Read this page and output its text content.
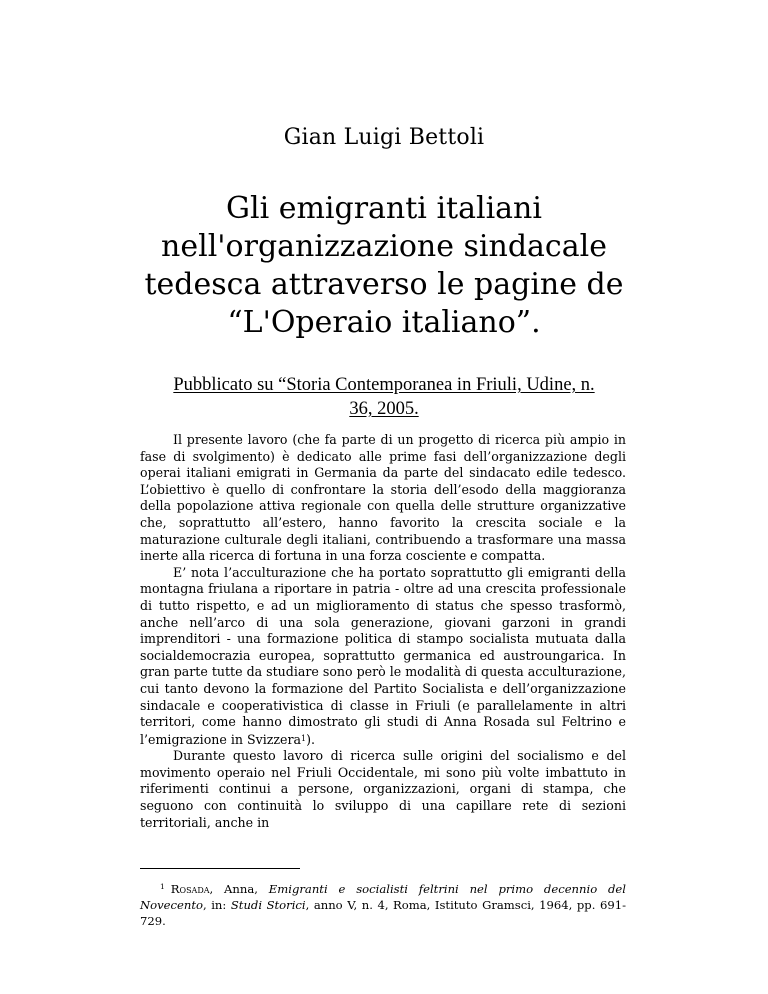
Gian Luigi Bettoli
Gli emigranti italiani
nell'organizzazione sindacale
tedesca attraverso le pagine de
“L'Operaio italiano”.
Pubblicato su “Storia Contemporanea in Friuli, Udine, n.
36, 2005.

Il presente lavoro (che fa parte di un progetto di ricerca più ampio in fase di svolgimento) è dedicato alle prime fasi dell’organizzazione degli operai italiani emigrati in Germania da parte del sindacato edile tedesco. L’obiettivo è quello di confrontare la storia dell’esodo della maggioranza della popolazione attiva regionale con quella delle strutture organizzative che, soprattutto all’estero, hanno favorito la crescita sociale e la maturazione culturale degli italiani, contribuendo a trasformare una massa inerte alla ricerca di fortuna in una forza cosciente e compatta.

E’ nota l’acculturazione che ha portato soprattutto gli emigranti della montagna friulana a riportare in patria - oltre ad una crescita professionale di tutto rispetto, e ad un miglioramento di status che spesso trasformò, anche nell’arco di una sola generazione, giovani garzoni in grandi imprenditori - una formazione politica di stampo socialista mutuata dalla socialdemocrazia europea, soprattutto germanica ed austroungarica. In gran parte tutte da studiare sono però le modalità di questa acculturazione, cui tanto devono la formazione del Partito Socialista e dell’organizzazione sindacale e cooperativistica di classe in Friuli (e parallelamente in altri territori, come hanno dimostrato gli studi di Anna Rosada sul Feltrino e l’emigrazione in Svizzera$^1$).

Durante questo lavoro di ricerca sulle origini del socialismo e del movimento operaio nel Friuli Occidentale, mi sono più volte imbattuto in riferimenti continui a persone, organizzazioni, organi di stampa, che seguono con continuità lo sviluppo di una capillare rete di sezioni territoriali, anche in

$^1$ Rosada, Anna, Emigranti e socialisti feltrini nel primo decennio del Novecento, in: Studi Storici, anno V, n. 4, Roma, Istituto Gramsci, 1964, pp. 691-729.
